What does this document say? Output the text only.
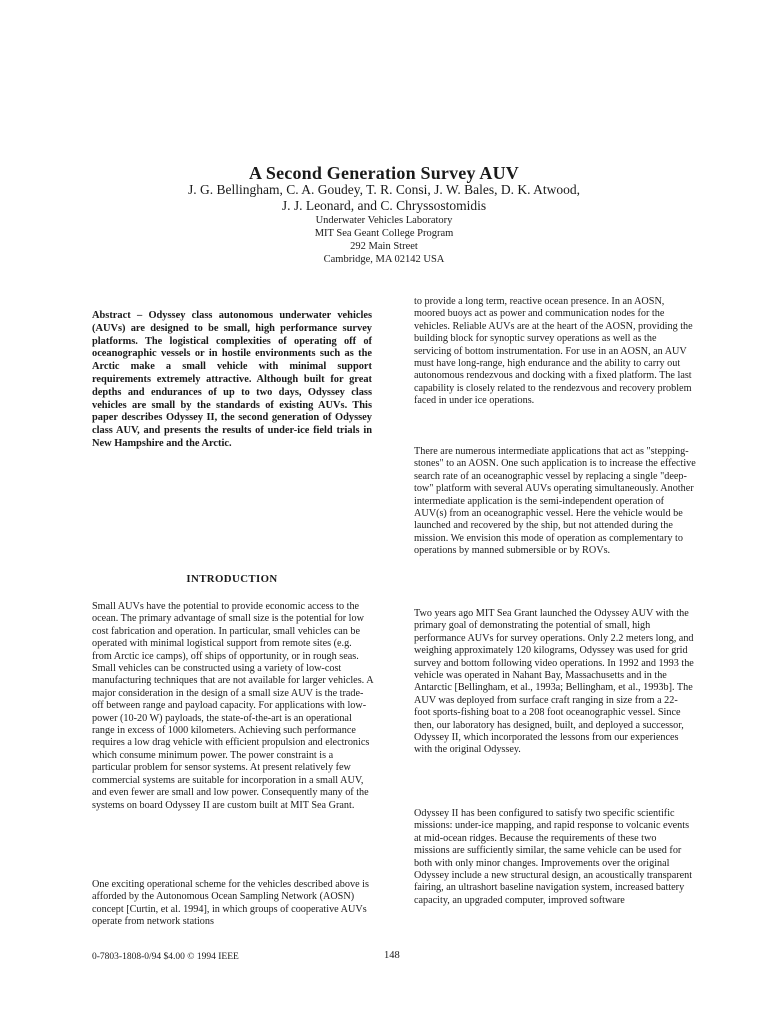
A Second Generation Survey AUV
J. G. Bellingham, C. A. Goudey, T. R. Consi, J. W. Bales, D. K. Atwood,
J. J. Leonard, and C. Chryssostomidis
Underwater Vehicles Laboratory
MIT Sea Geant College Program
292 Main Street
Cambridge, MA 02142 USA
Abstract – Odyssey class autonomous underwater vehicles (AUVs) are designed to be small, high performance survey platforms. The logistical complexities of operating off of oceanographic vessels or in hostile environments such as the Arctic make a small vehicle with minimal support requirements extremely attractive. Although built for great depths and endurances of up to two days, Odyssey class vehicles are small by the standards of existing AUVs. This paper describes Odyssey II, the second generation of Odyssey class AUV, and presents the results of under-ice field trials in New Hampshire and the Arctic.
INTRODUCTION

Small AUVs have the potential to provide economic access to the ocean. The primary advantage of small size is the potential for low cost fabrication and operation. In particular, small vehicles can be operated with minimal logistical support from remote sites (e.g. from Arctic ice camps), off ships of opportunity, or in rough seas. Small vehicles can be constructed using a variety of low-cost manufacturing techniques that are not available for larger vehicles. A major consideration in the design of a small size AUV is the trade-off between range and payload capacity. For applications with low-power (10-20 W) payloads, the state-of-the-art is an operational range in excess of 1000 kilometers. Achieving such performance requires a low drag vehicle with efficient propulsion and electronics which consume minimum power. The power constraint is a particular problem for sensor systems. At present relatively few commercial systems are suitable for incorporation in a small AUV, and even fewer are small and low power. Consequently many of the systems on board Odyssey II are custom built at MIT Sea Grant.

One exciting operational scheme for the vehicles described above is afforded by the Autonomous Ocean Sampling Network (AOSN) concept [Curtin, et al. 1994], in which groups of cooperative AUVs operate from network stations

to provide a long term, reactive ocean presence. In an AOSN, moored buoys act as power and communication nodes for the vehicles. Reliable AUVs are at the heart of the AOSN, providing the building block for synoptic survey operations as well as the servicing of bottom instrumentation. For use in an AOSN, an AUV must have long-range, high endurance and the ability to carry out autonomous rendezvous and docking with a fixed platform. The last capability is closely related to the rendezvous and recovery problem faced in under ice operations.

There are numerous intermediate applications that act as "stepping-stones" to an AOSN. One such application is to increase the effective search rate of an oceanographic vessel by replacing a single "deep-tow" platform with several AUVs operating simultaneously. Another intermediate application is the semi-independent operation of AUV(s) from an oceanographic vessel. Here the vehicle would be launched and recovered by the ship, but not attended during the mission. We envision this mode of operation as complementary to operations by manned submersible or by ROVs.

Two years ago MIT Sea Grant launched the Odyssey AUV with the primary goal of demonstrating the potential of small, high performance AUVs for survey operations. Only 2.2 meters long, and weighing approximately 120 kilograms, Odyssey was used for grid survey and bottom following video operations. In 1992 and 1993 the vehicle was operated in Nahant Bay, Massachusetts and in the Antarctic [Bellingham, et al., 1993a; Bellingham, et al., 1993b]. The AUV was deployed from surface craft ranging in size from a 22-foot sports-fishing boat to a 208 foot oceanographic vessel. Since then, our laboratory has designed, built, and deployed a successor, Odyssey II, which incorporated the lessons from our experiences with the original Odyssey.

Odyssey II has been configured to satisfy two specific scientific missions: under-ice mapping, and rapid response to volcanic events at mid-ocean ridges. Because the requirements of these two missions are sufficiently similar, the same vehicle can be used for both with only minor changes. Improvements over the original Odyssey include a new structural design, an acoustically transparent fairing, an ultrashort baseline navigation system, increased battery capacity, an upgraded computer, improved software

0-7803-1808-0/94 $4.00 © 1994 IEEE	148
